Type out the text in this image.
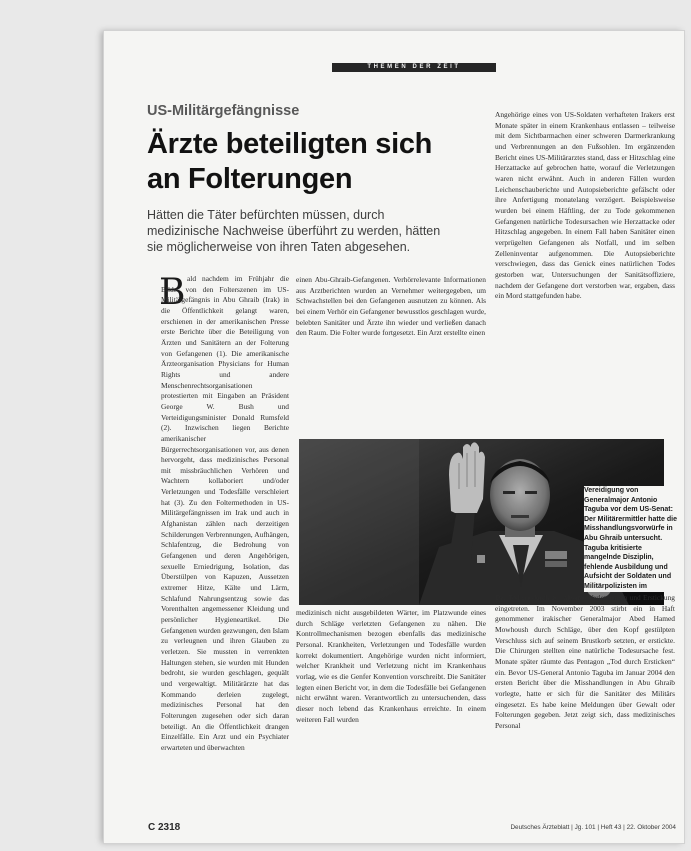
THEMEN DER ZEIT
US-Militärgefängnisse
Ärzte beteiligten sich an Folterungen
Hätten die Täter befürchten müssen, durch medizinische Nachweise überführt zu werden, hätten sie möglicherweise von ihren Taten abgesehen.
B ald nachdem im Frühjahr die Bilder von den Folterszenen im US-Militärgefängnis in Abu Ghraib (Irak) in die Öffentlichkeit gelangt waren, erschienen in der amerikanischen Presse erste Berichte über die Beteiligung von Ärzten und Sanitätern an der Folterung von Gefangenen (1). Die amerikanische Ärzteorganisation Physicians for Human Rights und andere Menschenrechtsorganisationen protestierten mit Eingaben an Präsident George W. Bush und Verteidigungsminister Donald Rumsfeld (2). Inzwischen liegen Berichte amerikanischer Bürgerrechtsorganisationen vor, aus denen hervorgeht, dass medizinisches Personal mit missbräuchlichen Verhören und Wachtern kollaboriert und/oder Verletzungen und Todesfälle verschleiert hat (3). Zu den Foltermethoden in US-Militärgefängnissen im Irak und auch in Afghanistan zählen nach derzeitigen Schilderungen Verbrennungen, Aufhängen, Schlafentzug, die Bedrohung von Gefangenen und deren Angehörigen, sexuelle Erniedrigung, Isolation, das Überstülpen von Kapuzen, Aussetzen extremer Hitze, Kälte und Lärm, Schlafund Nahrungsentzug sowie das Vorenthalten angemessener Kleidung und persönlicher Hygieneartikel. Die Gefangenen wurden gezwungen, den Islam zu verleugnen und ihren Glauben zu verletzen. Sie mussten in verrenkten Haltungen stehen, sie wurden mit Hunden bedroht, sie wurden geschlagen, gequält und vergewaltigt. Militärärzte hat das Kommando derleien zugelegt, medizinisches Personal hat den Folterungen zugesehen oder sich daran beteiligt. An die Öffentlichkeit drangen Einzelfälle. Ein Arzt und ein Psychiater erwarteten und überwachten
einen Abu-Ghraib-Gefangenen. Verhörrelevante Informationen aus Arztberichten wurden an Vernehmer weitergegeben, um Schwachstellen bei den Gefangenen ausnutzen zu können. Als bei einem Verhör ein Gefangener bewusstlos geschlagen wurde, belebten Sanitäter und Ärzte ihn wieder und verließen danach den Raum. Die Folter wurde fortgesetzt. Ein Arzt erstellte einen
Vereidigung von Generalmajor Antonio Taguba vor dem US-Senat: Der Militärermittler hatte die Misshandlungsvorwürfe in Abu Ghraib untersucht. Taguba kritisierte mangelnde Disziplin, fehlende Ausbildung und Aufsicht der Soldaten und Militärpolizisten im
medizinisch nicht ausgebildeten Wärter, im Platzwunde eines durch Schläge verletzten Gefangenen zu nähen. Die Kontrollmechanismen bezogen ebenfalls das medizinische Personal. Krankheiten, Verletzungen und Todesfälle wurden korrekt dokumentiert. Angehörige wurden nicht informiert, welcher Krankheit und Verletzung nicht im Krankenhaus vorlag, wie es die Genfer Konvention vorschreibt. Die Sanitäter legten einen Bericht vor, in dem die Todesfälle bei Gefangenen nicht erwähnt waren. Verantwortlich zu untersuchenden, dass dieser noch lebend das Krankenhaus erreichte. In einem weiteren Fall wurden
Angehörige eines von US-Soldaten verhafteten Irakers erst Monate später in einem Krankenhaus entlassen – teilweise mit dem Sichtbarmachen einer schweren Darmerkrankung und Verbrennungen an den Fußsohlen. Im ergänzenden Bericht eines US-Militärarztes stand, dass er Hitzschlag eine Herzattacke auf gebrochen hatte, worauf die Verletzungen waren nicht erwähnt. Auch in anderen Fällen wurden Leichenschauberichte und Autopsieberichte gefälscht oder ihre Anfertigung monatelang verzögert. Beispielsweise wurden bei einem Häftling, der zu Tode gekommenen Gefangenen natürliche Todesursachen wie Herzattacke oder Hitzschlag angegeben. In einem Fall haben Sanitäter einen verprügelten Gefangenen als Notfall, und im selben Zelleninventar aufgenommen. Die Autopsieberichte verschwiegen, dass das Genick eines natürlichen Todes gestorben war, Untersuchungen der Sanitätsoffiziere, nachdem der Gefangene dort verstorben war, ergaben, dass ein Mord stattgefunden habe.
Der Tod sei durch gewaltsame Verletzungen und Erstickung eingetreten. Im November 2003 stirbt ein in Haft genommener irakischer Generalmajor Abed Hamed Mowhoush durch Schläge, über den Kopf gestülpten Verschluss sich auf seinem Brustkorb setzten, er erstickte. Die Chirurgen stellten eine natürliche Todesursache fest. Monate später räumte das Pentagon „Tod durch Ersticken“ ein. Bevor US-General Antonio Taguba im Januar 2004 den ersten Bericht über die Misshandlungen in Abu Ghraib vorlegte, hatte er sich für die Sanitäter des Militärs eingesetzt. Es habe keine Meldungen über Gewalt oder Folterungen gegeben. Jetzt zeigt sich, dass medizinisches Personal
C 2318	Deutsches Ärzteblatt | Jg. 101 | Heft 43 | 22. Oktober 2004
